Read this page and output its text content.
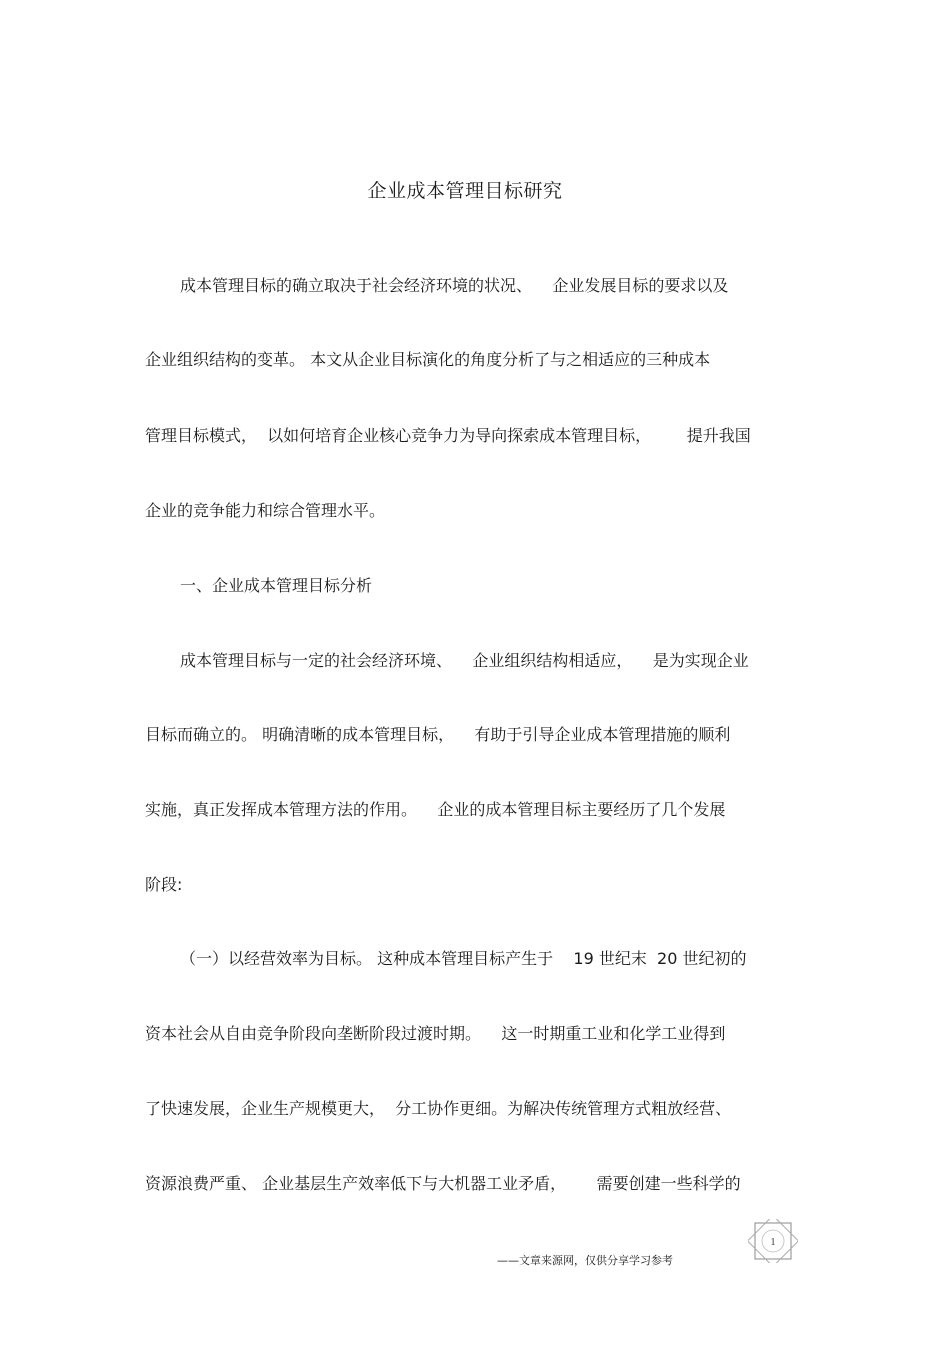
企业成本管理目标研究
成本管理目标的确立取决于社会经济环境的状况、    企业发展目标的要求以及
企业组织结构的变革。 本文从企业目标演化的角度分析了与之相适应的三种成本
管理目标模式，  以如何培育企业核心竞争力为导向探索成本管理目标，       提升我国
企业的竞争能力和综合管理水平。
一、企业成本管理目标分析
成本管理目标与一定的社会经济环境、    企业组织结构相适应，    是为实现企业
目标而确立的。 明确清晰的成本管理目标，    有助于引导企业成本管理措施的顺利
实施，真正发挥成本管理方法的作用。    企业的成本管理目标主要经历了几个发展
阶段:
（一）以经营效率为目标。 这种成本管理目标产生于    19 世纪末  20 世纪初的
资本社会从自由竞争阶段向垄断阶段过渡时期。    这一时期重工业和化学工业得到
了快速发展，企业生产规模更大，  分工协作更细。为解决传统管理方式粗放经营、
资源浪费严重、 企业基层生产效率低下与大机器工业矛盾，      需要创建一些科学的
1
——文章来源网，仅供分享学习参考
